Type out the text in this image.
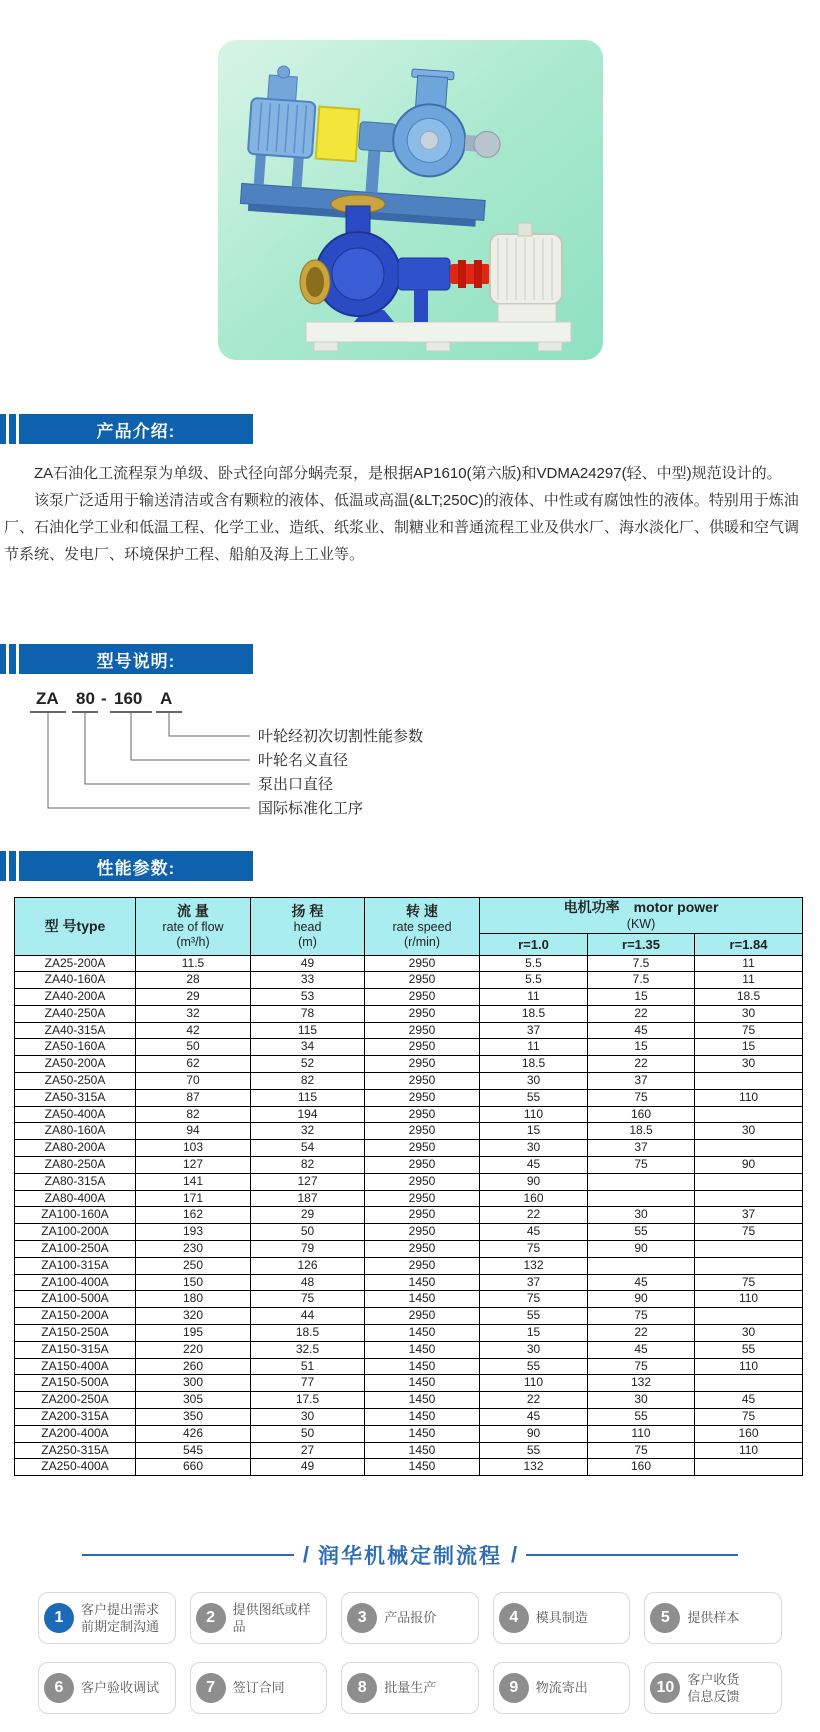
产品介绍:

ZA石油化工流程泵为单级、卧式径向部分蜗壳泵，是根据AP1610(第六版)和VDMA24297(轻、中型)规范设计的。

该泵广泛适用于输送清洁或含有颗粒的液体、低温或高温(&LT;250C)的液体、中性或有腐蚀性的液体。特别用于炼油厂、石油化学工业和低温工程、化学工业、造纸、纸浆业、制糖业和普通流程工业及供水厂、海水淡化厂、供暖和空气调节系统、发电厂、环境保护工程、船舶及海上工业等。

型号说明:
ZA 80 - 160 A
叶轮经初次切割性能参数
叶轮名义直径
泵出口直径
国际标准化工序
性能参数:
型 号type	流 量
rate of flow
(m³/h)	扬 程
head
(m)	转 速
rate speed
(r/min)	电机功率　motor power
(KW)		

				r=1.0	r=1.35	r=1.84
ZA25-200A	11.5	49	2950	5.5	7.5	11
ZA40-160A	28	33	2950	5.5	7.5	11
ZA40-200A	29	53	2950	11	15	18.5
ZA40-250A	32	78	2950	18.5	22	30
ZA40-315A	42	115	2950	37	45	75
ZA50-160A	50	34	2950	11	15	15
ZA50-200A	62	52	2950	18.5	22	30
ZA50-250A	70	82	2950	30	37	
ZA50-315A	87	115	2950	55	75	110
ZA50-400A	82	194	2950	110	160	
ZA80-160A	94	32	2950	15	18.5	30
ZA80-200A	103	54	2950	30	37	
ZA80-250A	127	82	2950	45	75	90
ZA80-315A	141	127	2950	90		
ZA80-400A	171	187	2950	160		
ZA100-160A	162	29	2950	22	30	37
ZA100-200A	193	50	2950	45	55	75
ZA100-250A	230	79	2950	75	90	
ZA100-315A	250	126	2950	132		
ZA100-400A	150	48	1450	37	45	75
ZA100-500A	180	75	1450	75	90	110
ZA150-200A	320	44	2950	55	75	
ZA150-250A	195	18.5	1450	15	22	30
ZA150-315A	220	32.5	1450	30	45	55
ZA150-400A	260	51	1450	55	75	110
ZA150-500A	300	77	1450	110	132	
ZA200-250A	305	17.5	1450	22	30	45
ZA200-315A	350	30	1450	45	55	75
ZA200-400A	426	50	1450	90	110	160
ZA250-315A	545	27	1450	55	75	110
ZA250-400A	660	49	1450	132	160	
/ 润华机械定制流程 /
1
客户提出需求
前期定制沟通
2
提供图纸或样品
3	产品报价	4	模具制造	5	提供样本
6	客户验收调试	7	签订合同	8	批量生产	9	物流寄出	10
客户收货
信息反馈
